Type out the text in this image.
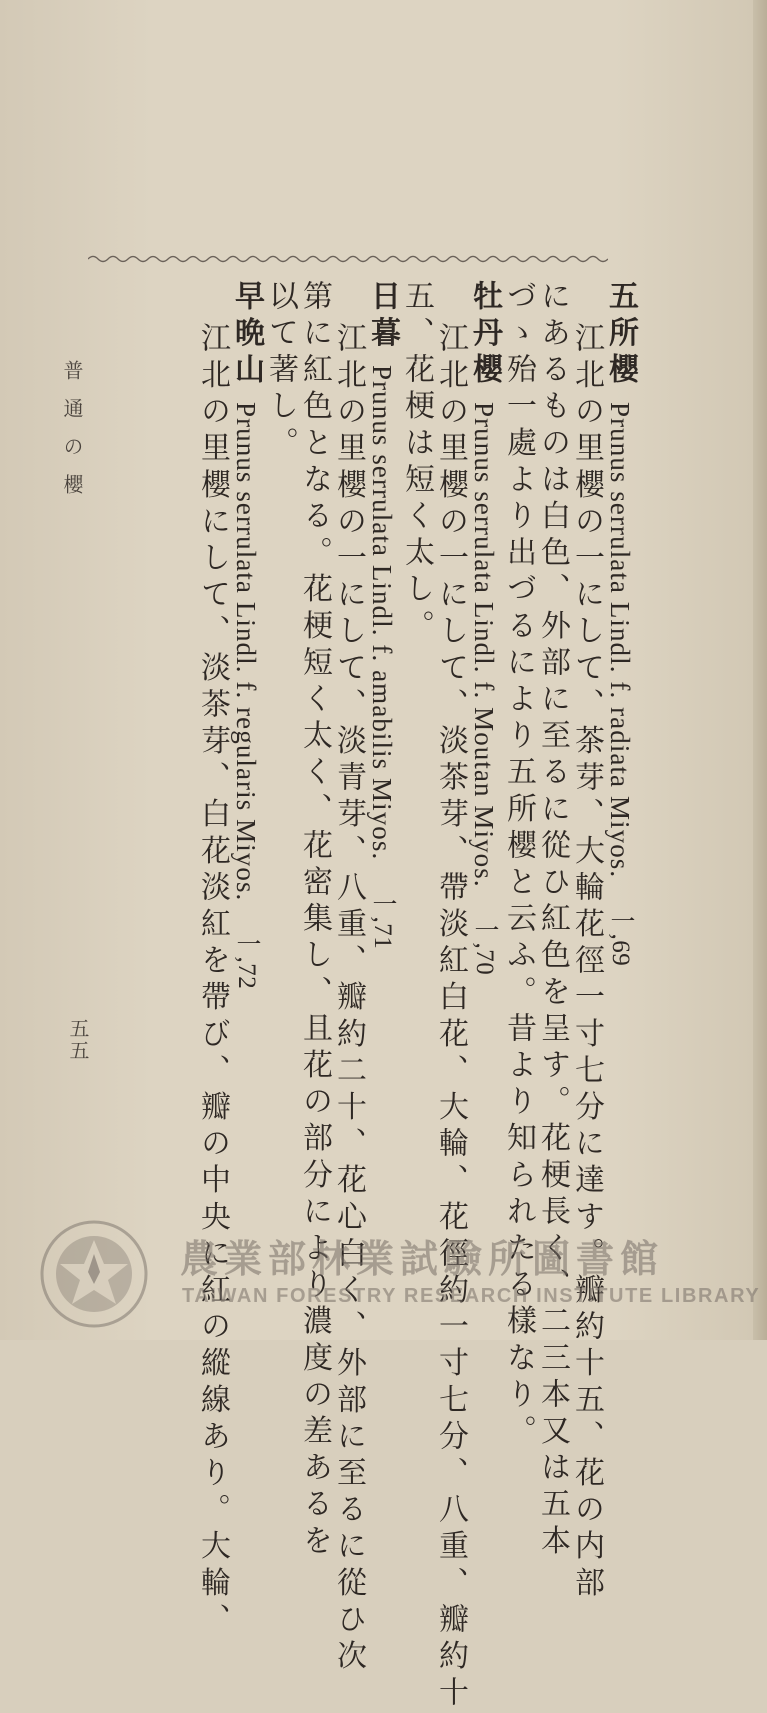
五所櫻Prunus serrulata Lindl. f. radiata Miyos.一,69
江北の里櫻の一にして、茶芽、大輪花徑一寸七分に達す。瓣約十五、花の内部
にあるものは白色、外部に至るに從ひ紅色を呈す。花梗長く、二三本又は五本
づゝ殆一處より出づるにより五所櫻と云ふ。昔より知られたる樣なり。
牡丹櫻Prunus serrulata Lindl. f. Moutan Miyos.一,70
江北の里櫻の一にして、淡茶芽、帶淡紅白花、大輪、花徑約一寸七分、八重、瓣約十
五、花梗は短く太し。
日暮Prunus serrulata Lindl. f. amabilis Miyos.一,71
江北の里櫻の一にして、淡青芽、八重、瓣約二十、花心白く、外部に至るに從ひ次
第に紅色となる。花梗短く太く、花密集し、且花の部分により濃度の差あるを
以て著し。
早晩山Prunus serrulata Lindl. f. regularis Miyos.一,72
江北の里櫻にして、淡茶芽、白花淡紅を帶び、瓣の中央に紅の縱線あり。大輪、
普通の櫻
五五
農業部林業試驗所圖書館
TAIWAN FORESTRY RESEARCH INSTITUTE LIBRARY
